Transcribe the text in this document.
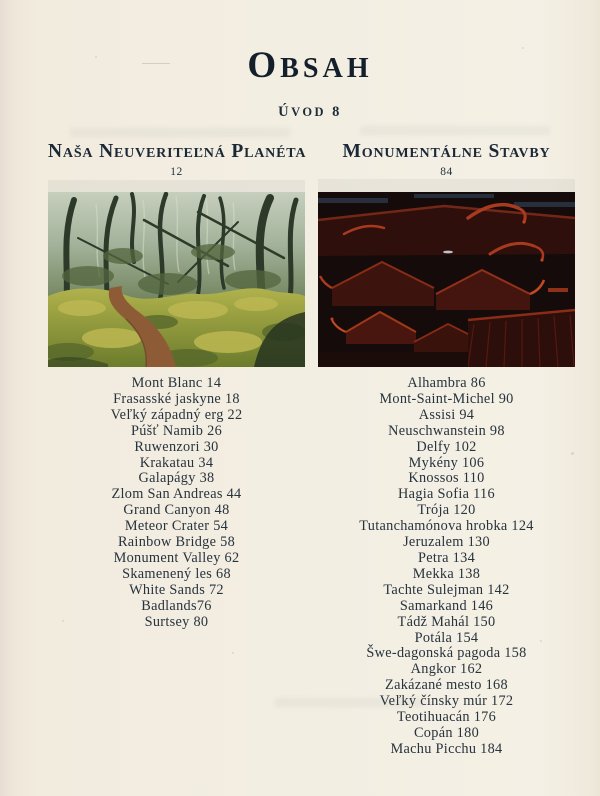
OBSAH
ÚVOD 8
NAŠA NEUVERITEĽNÁ PLANÉTA
12
Mont Blanc 14
Frasasské jaskyne 18
Veľký západný erg 22
Púšť Namib 26
Ruwenzori 30
Krakatau 34
Galapágy 38
Zlom San Andreas 44
Grand Canyon 48
Meteor Crater 54
Rainbow Bridge 58
Monument Valley 62
Skamenený les 68
White Sands 72
Badlands76
Surtsey 80
MONUMENTÁLNE STAVBY
84
Alhambra 86
Mont-Saint-Michel 90
Assisi 94
Neuschwanstein 98
Delfy 102
Mykény 106
Knossos 110
Hagia Sofia 116
Trója 120
Tutanchamónova hrobka 124
Jeruzalem 130
Petra 134
Mekka 138
Tachte Sulejman 142
Samarkand 146
Tádž Mahál 150
Potála 154
Šwe-dagonská pagoda 158
Angkor 162
Zakázané mesto 168
Veľký čínsky múr 172
Teotihuacán 176
Copán 180
Machu Picchu 184
